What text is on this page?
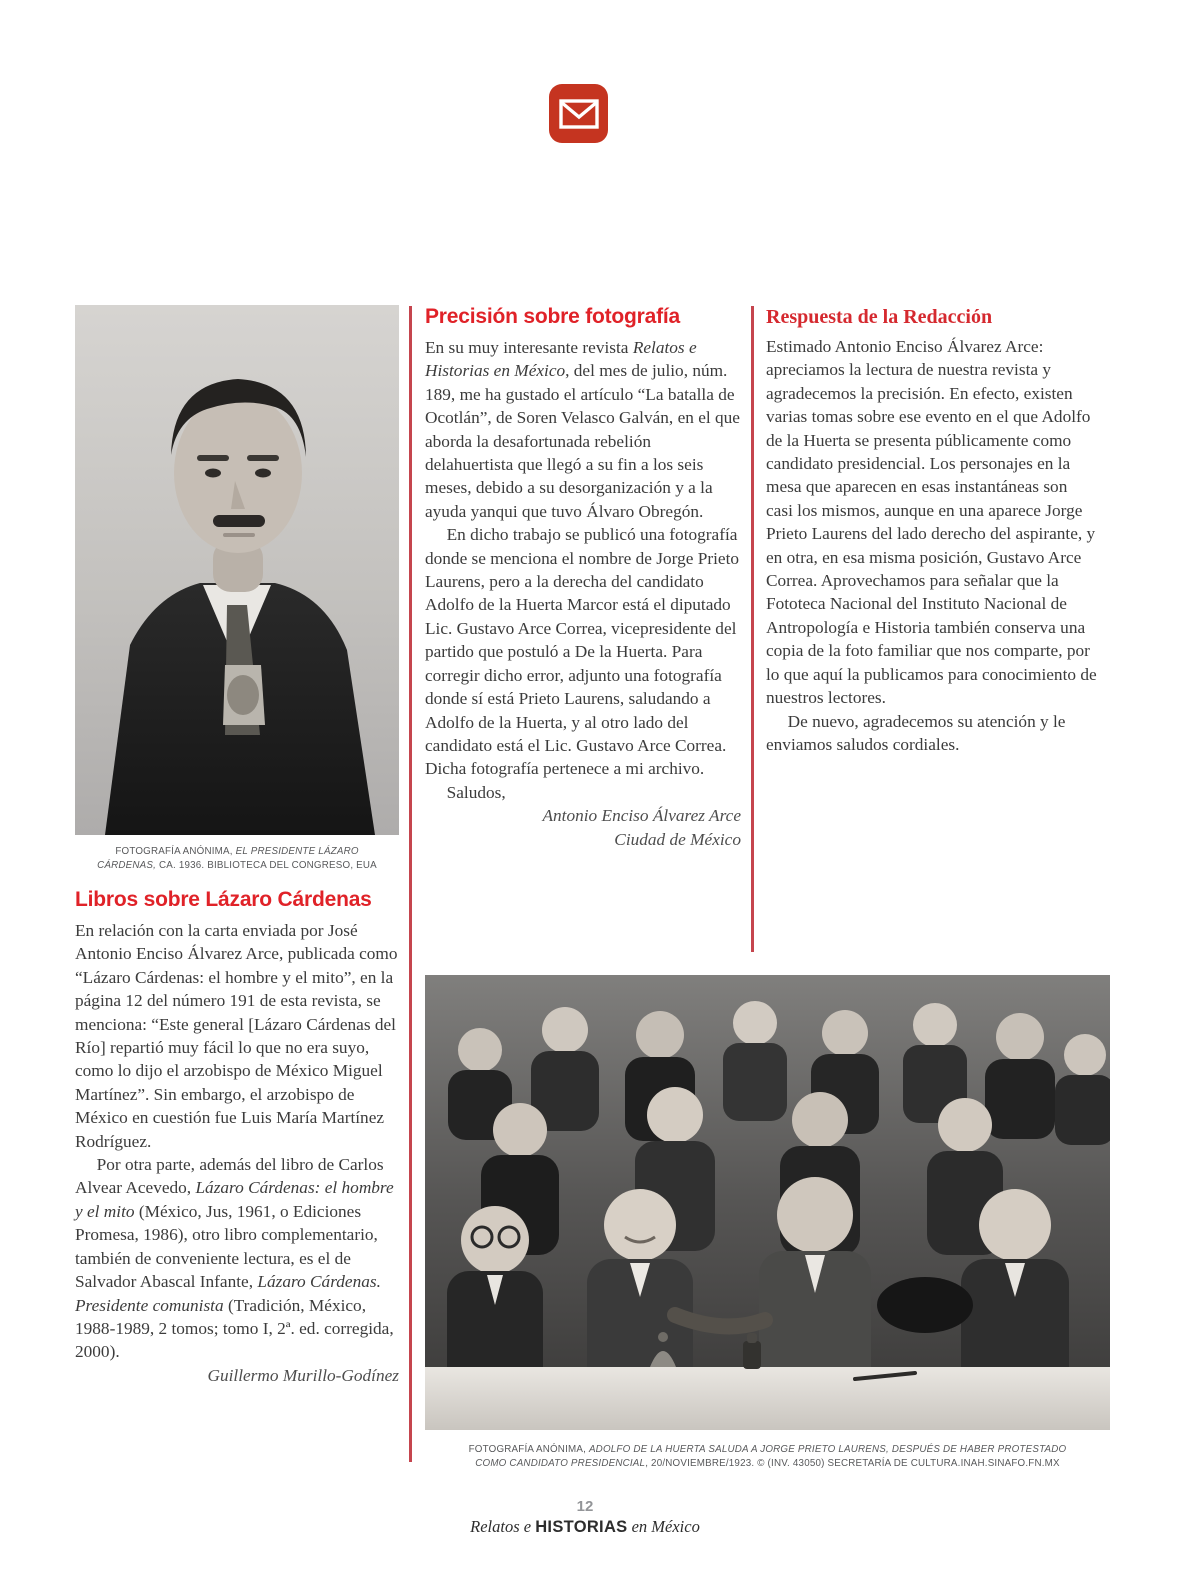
FOTOGRAFÍA ANÓNIMA, EL PRESIDENTE LÁZARO CÁRDENAS, CA. 1936. BIBLIOTECA DEL CONGRESO, EUA
Libros sobre Lázaro Cárdenas

En relación con la carta enviada por José Antonio Enciso Álvarez Arce, publicada como “Lázaro Cárdenas: el hombre y el mito”, en la página 12 del número 191 de esta revista, se menciona: “Este general [Lázaro Cárdenas del Río] repartió muy fácil lo que no era suyo, como lo dijo el arzobispo de México Miguel Martínez”. Sin embargo, el arzobispo de México en cuestión fue Luis María Martínez Rodríguez.

Por otra parte, además del libro de Carlos Alvear Acevedo, Lázaro Cárdenas: el hombre y el mito (México, Jus, 1961, o Ediciones Promesa, 1986), otro libro complementario, también de conveniente lectura, es el de Salvador Abascal Infante, Lázaro Cárdenas. Presidente comunista (Tradición, México, 1988-1989, 2 tomos; tomo I, 2ª. ed. corregida, 2000).

Guillermo Murillo-Godínez

Precisión sobre fotografía

En su muy interesante revista Relatos e Historias en México, del mes de julio, núm. 189, me ha gustado el artículo “La batalla de Ocotlán”, de Soren Velasco Galván, en el que aborda la desafortunada rebelión delahuertista que llegó a su fin a los seis meses, debido a su desorganización y a la ayuda yanqui que tuvo Álvaro Obregón.

En dicho trabajo se publicó una fotografía donde se menciona el nombre de Jorge Prieto Laurens, pero a la derecha del candidato Adolfo de la Huerta Marcor está el diputado Lic. Gustavo Arce Correa, vicepresidente del partido que postuló a De la Huerta. Para corregir dicho error, adjunto una fotografía donde sí está Prieto Laurens, saludando a Adolfo de la Huerta, y al otro lado del candidato está el Lic. Gustavo Arce Correa. Dicha fotografía pertenece a mi archivo.

Saludos,

Antonio Enciso Álvarez Arce

Ciudad de México

Respuesta de la Redacción

Estimado Antonio Enciso Álvarez Arce: apreciamos la lectura de nuestra revista y agradecemos la precisión. En efecto, existen varias tomas sobre ese evento en el que Adolfo de la Huerta se presenta públicamente como candidato presidencial. Los personajes en la mesa que aparecen en esas instantáneas son casi los mismos, aunque en una aparece Jorge Prieto Laurens del lado derecho del aspirante, y en otra, en esa misma posición, Gustavo Arce Correa. Aprovechamos para señalar que la Fototeca Nacional del Instituto Nacional de Antropología e Historia también conserva una copia de la foto familiar que nos comparte, por lo que aquí la publicamos para conocimiento de nuestros lectores.

De nuevo, agradecemos su atención y le enviamos saludos cordiales.

FOTOGRAFÍA ANÓNIMA, ADOLFO DE LA HUERTA SALUDA A JORGE PRIETO LAURENS, DESPUÉS DE HABER PROTESTADO COMO CANDIDATO PRESIDENCIAL, 20/NOVIEMBRE/1923. © (INV. 43050) SECRETARÍA DE CULTURA.INAH.SINAFO.FN.MX

12

Relatos e HISTORIAS en México
